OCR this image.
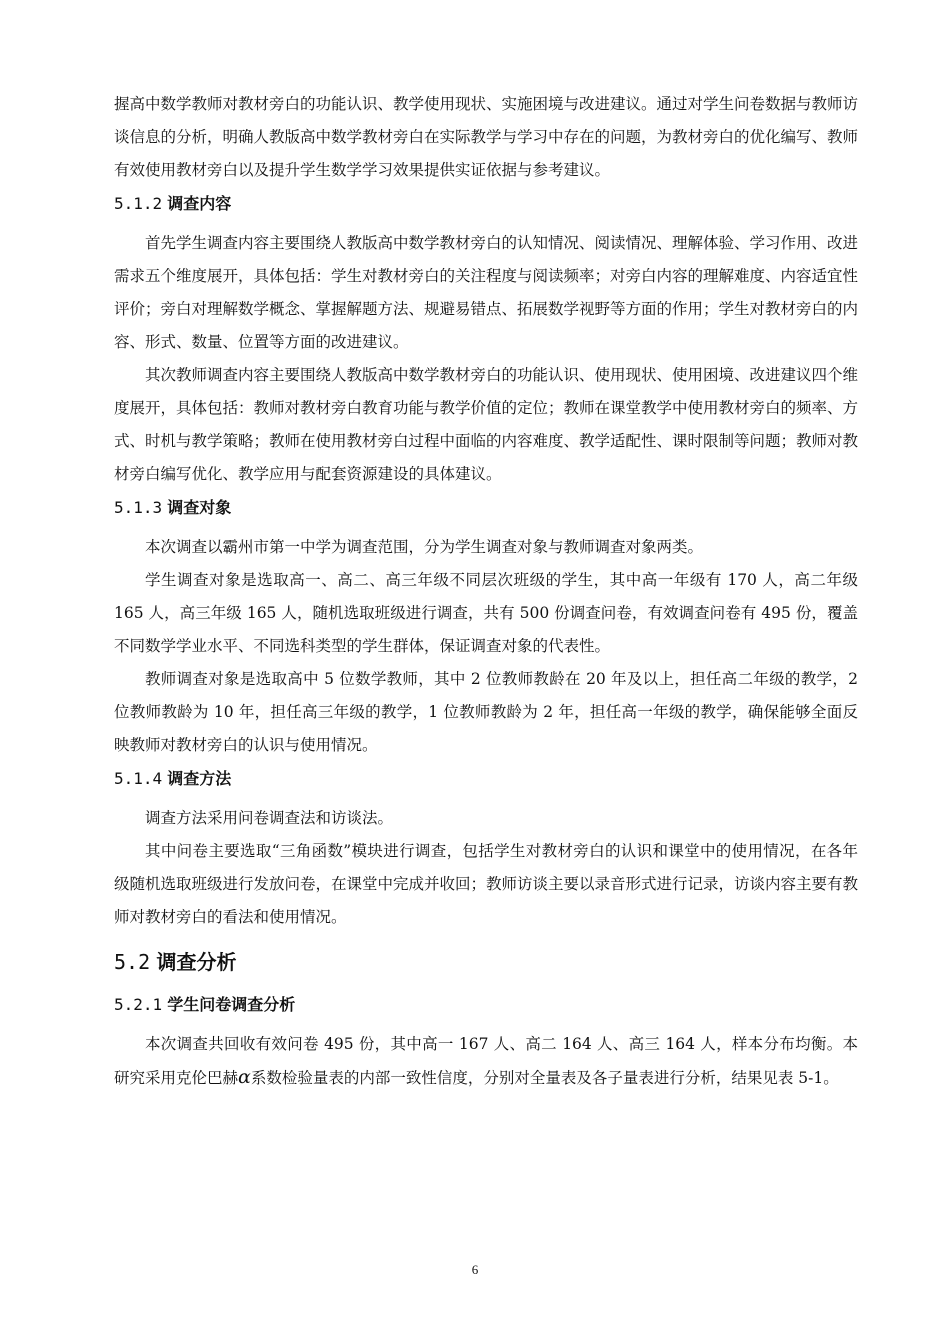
握高中数学教师对教材旁白的功能认识、教学使用现状、实施困境与改进建议。通过对学生问卷数据与教师访谈信息的分析，明确人教版高中数学教材旁白在实际教学与学习中存在的问题，为教材旁白的优化编写、教师有效使用教材旁白以及提升学生数学学习效果提供实证依据与参考建议。

5.1.2 调查内容

首先学生调查内容主要围绕人教版高中数学教材旁白的认知情况、阅读情况、理解体验、学习作用、改进需求五个维度展开，具体包括：学生对教材旁白的关注程度与阅读频率；对旁白内容的理解难度、内容适宜性评价；旁白对理解数学概念、掌握解题方法、规避易错点、拓展数学视野等方面的作用；学生对教材旁白的内容、形式、数量、位置等方面的改进建议。

其次教师调查内容主要围绕人教版高中数学教材旁白的功能认识、使用现状、使用困境、改进建议四个维度展开，具体包括：教师对教材旁白教育功能与教学价值的定位；教师在课堂教学中使用教材旁白的频率、方式、时机与教学策略；教师在使用教材旁白过程中面临的内容难度、教学适配性、课时限制等问题；教师对教材旁白编写优化、教学应用与配套资源建设的具体建议。

5.1.3 调查对象

本次调查以霸州市第一中学为调查范围，分为学生调查对象与教师调查对象两类。

学生调查对象是选取高一、高二、高三年级不同层次班级的学生，其中高一年级有 170 人，高二年级 165 人，高三年级 165 人，随机选取班级进行调查，共有 500 份调查问卷，有效调查问卷有 495 份，覆盖不同数学学业水平、不同选科类型的学生群体，保证调查对象的代表性。

教师调查对象是选取高中 5 位数学教师，其中 2 位教师教龄在 20 年及以上，担任高二年级的教学，2 位教师教龄为 10 年，担任高三年级的教学，1 位教师教龄为 2 年，担任高一年级的教学，确保能够全面反映教师对教材旁白的认识与使用情况。

5.1.4 调查方法

调查方法采用问卷调查法和访谈法。

其中问卷主要选取“三角函数”模块进行调查，包括学生对教材旁白的认识和课堂中的使用情况，在各年级随机选取班级进行发放问卷，在课堂中完成并收回；教师访谈主要以录音形式进行记录，访谈内容主要有教师对教材旁白的看法和使用情况。

5.2 调查分析
5.2.1 学生问卷调查分析

本次调查共回收有效问卷 495 份，其中高一 167 人、高二 164 人、高三 164 人，样本分布均衡。本研究采用克伦巴赫α系数检验量表的内部一致性信度，分别对全量表及各子量表进行分析，结果见表 5-1。

6
